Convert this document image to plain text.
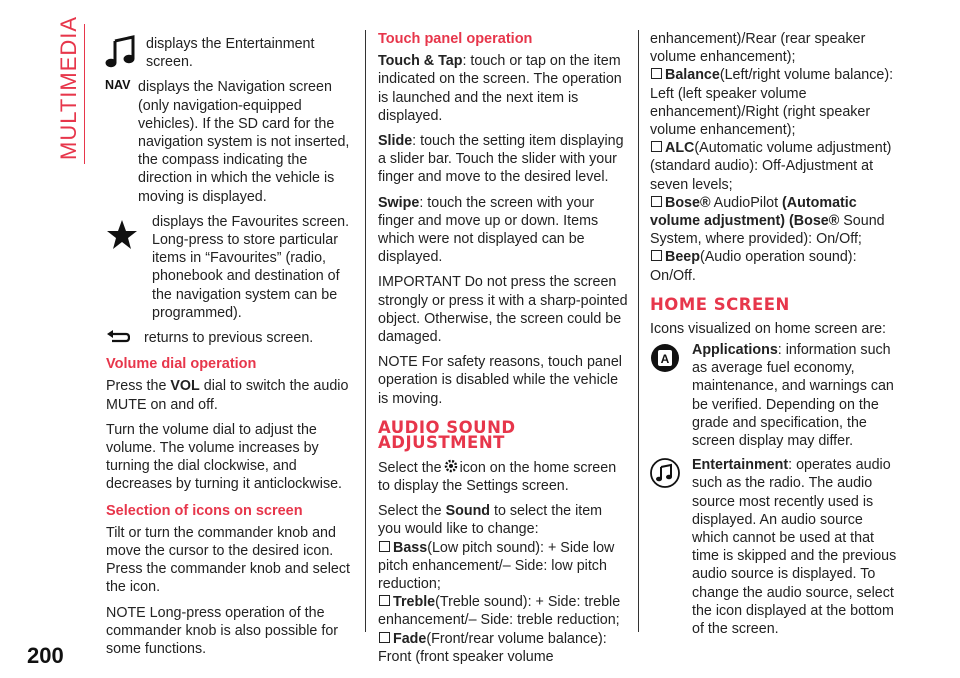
MULTIMEDIA
200

displays the Entertainment screen.

NAV displays the Navigation screen (only navigation-equipped vehicles). If the SD card for the navigation system is not inserted, the compass indicating the direction in which the vehicle is moving is displayed.

displays the Favourites screen. Long-press to store particular items in “Favourites” (radio, phonebook and destination of the navigation system can be programmed).

returns to previous screen.

Volume dial operation

Press the VOL dial to switch the audio MUTE on and off.

Turn the volume dial to adjust the volume. The volume increases by turning the dial clockwise, and decreases by turning it anticlockwise.

Selection of icons on screen

Tilt or turn the commander knob and move the cursor to the desired icon. Press the commander knob and select the icon.

NOTE Long-press operation of the commander knob is also possible for some functions.

Touch panel operation

Touch & Tap: touch or tap on the item indicated on the screen. The operation is launched and the next item is displayed.

Slide: touch the setting item displaying a slider bar. Touch the slider with your finger and move to the desired level.

Swipe: touch the screen with your finger and move up or down. Items which were not displayed can be displayed.

IMPORTANT Do not press the screen strongly or press it with a sharp-pointed object. Otherwise, the screen could be damaged.

NOTE For safety reasons, touch panel operation is disabled while the vehicle is moving.

AUDIO SOUND ADJUSTMENT

Select the icon on the home screen to display the Settings screen.

Select the Sound to select the item you would like to change:

Bass(Low pitch sound): + Side low pitch enhancement/– Side: low pitch reduction;
Treble(Treble sound): + Side: treble enhancement/– Side: treble reduction;
Fade(Front/rear volume balance): Front (front speaker volume
enhancement)/Rear (rear speaker volume enhancement);
Balance(Left/right volume balance): Left (left speaker volume enhancement)/Right (right speaker volume enhancement);
ALC(Automatic volume adjustment) (standard audio): Off-Adjustment at seven levels;
Bose® AudioPilot (Automatic volume adjustment) (Bose® Sound System, where provided): On/Off;
Beep(Audio operation sound): On/Off.
HOME SCREEN

Icons visualized on home screen are:

A

Applications: information such as average fuel economy, maintenance, and warnings can be verified. Depending on the grade and specification, the screen display may differ.

Entertainment: operates audio such as the radio. The audio source most recently used is displayed. An audio source which cannot be used at that time is skipped and the previous audio source is displayed. To change the audio source, select the icon displayed at the bottom of the screen.
